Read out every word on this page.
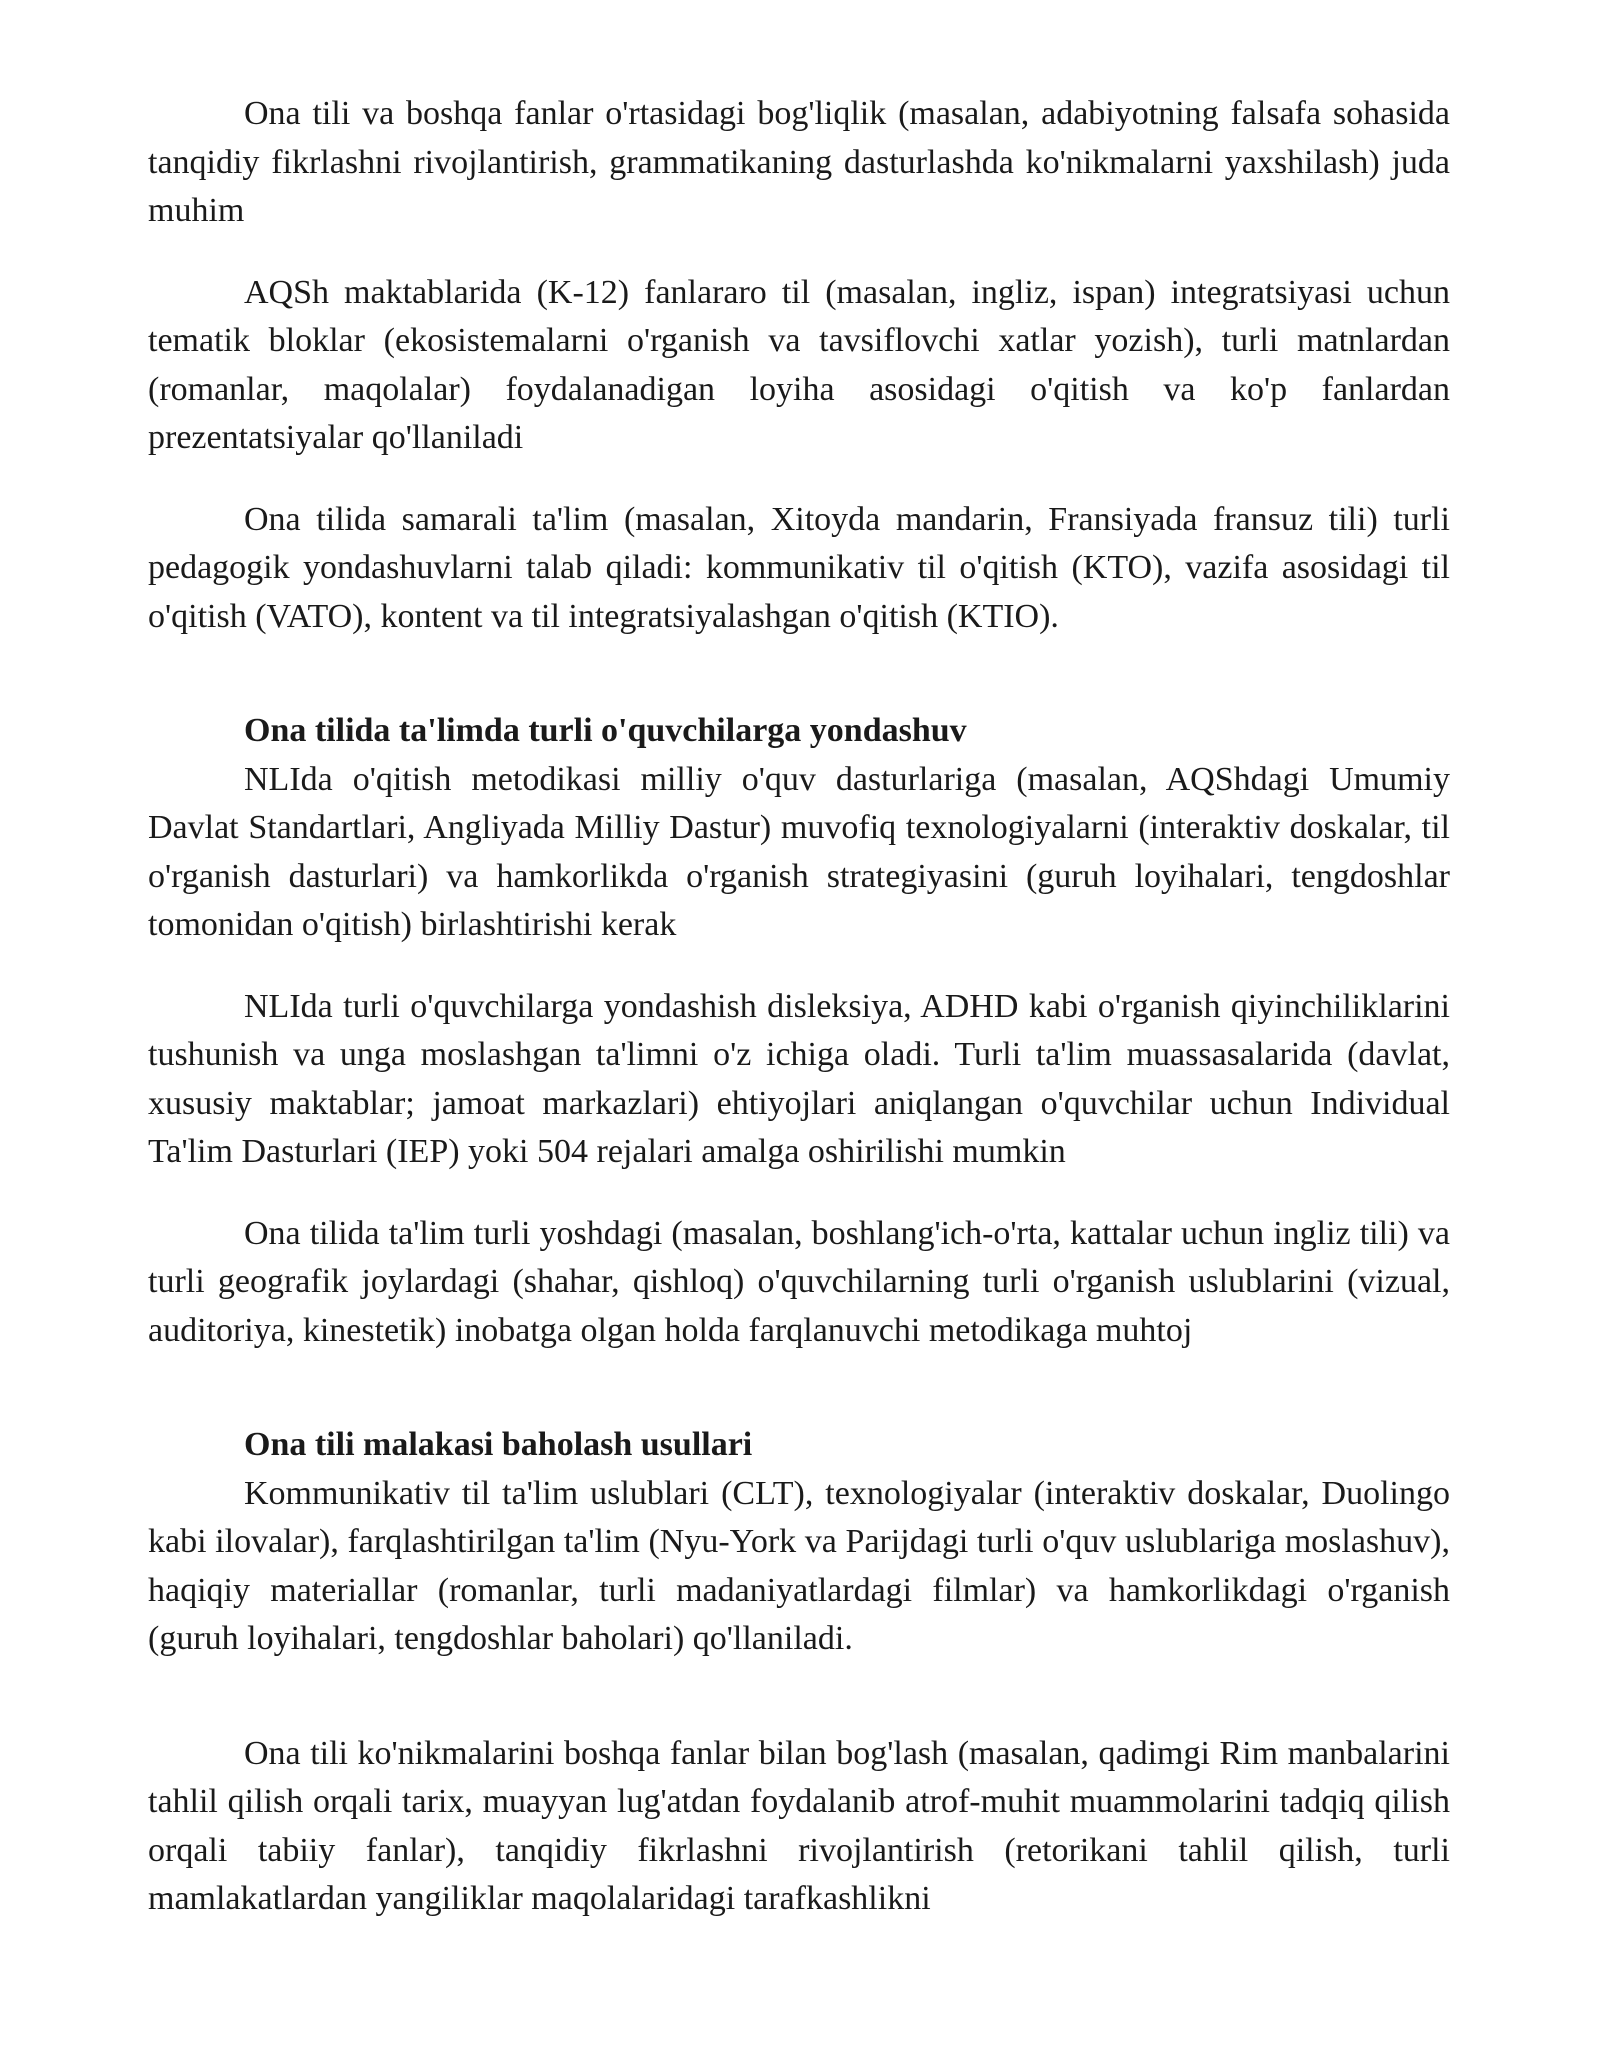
Ona tili va boshqa fanlar o'rtasidagi bog'liqlik (masalan, adabiyotning falsafa sohasida tanqidiy fikrlashni rivojlantirish, grammatikaning dasturlashda ko'nikmalarni yaxshilash) juda muhim

AQSh maktablarida (K-12) fanlararo til (masalan, ingliz, ispan) integratsiyasi uchun tematik bloklar (ekosistemalarni o'rganish va tavsiflovchi xatlar yozish), turli matnlardan (romanlar, maqolalar) foydalanadigan loyiha asosidagi o'qitish va ko'p fanlardan prezentatsiyalar qo'llaniladi

Ona tilida samarali ta'lim (masalan, Xitoyda mandarin, Fransiyada fransuz tili) turli pedagogik yondashuvlarni talab qiladi: kommunikativ til o'qitish (KTO), vazifa asosidagi til o'qitish (VATO), kontent va til integratsiyalashgan o'qitish (KTIO).

Ona tilida ta'limda turli o'quvchilarga yondashuv

NLIda o'qitish metodikasi milliy o'quv dasturlariga (masalan, AQShdagi Umumiy Davlat Standartlari, Angliyada Milliy Dastur) muvofiq texnologiyalarni (interaktiv doskalar, til o'rganish dasturlari) va hamkorlikda o'rganish strategiyasini (guruh loyihalari, tengdoshlar tomonidan o'qitish) birlashtirishi kerak

NLIda turli o'quvchilarga yondashish disleksiya, ADHD kabi o'rganish qiyinchiliklarini tushunish va unga moslashgan ta'limni o'z ichiga oladi. Turli ta'lim muassasalarida (davlat, xususiy maktablar; jamoat markazlari) ehtiyojlari aniqlangan o'quvchilar uchun Individual Ta'lim Dasturlari (IEP) yoki 504 rejalari amalga oshirilishi mumkin

Ona tilida ta'lim turli yoshdagi (masalan, boshlang'ich-o'rta, kattalar uchun ingliz tili) va turli geografik joylardagi (shahar, qishloq) o'quvchilarning turli o'rganish uslublarini (vizual, auditoriya, kinestetik) inobatga olgan holda farqlanuvchi metodikaga muhtoj

Ona tili malakasi baholash usullari

Kommunikativ til ta'lim uslublari (CLT), texnologiyalar (interaktiv doskalar, Duolingo kabi ilovalar), farqlashtirilgan ta'lim (Nyu-York va Parijdagi turli o'quv uslublariga moslashuv), haqiqiy materiallar (romanlar, turli madaniyatlardagi filmlar) va hamkorlikdagi o'rganish (guruh loyihalari, tengdoshlar baholari) qo'llaniladi.

Ona tili ko'nikmalarini boshqa fanlar bilan bog'lash (masalan, qadimgi Rim manbalarini tahlil qilish orqali tarix, muayyan lug'atdan foydalanib atrof-muhit muammolarini tadqiq qilish orqali tabiiy fanlar), tanqidiy fikrlashni rivojlantirish (retorikani tahlil qilish, turli mamlakatlardan yangiliklar maqolalaridagi tarafkashlikni
